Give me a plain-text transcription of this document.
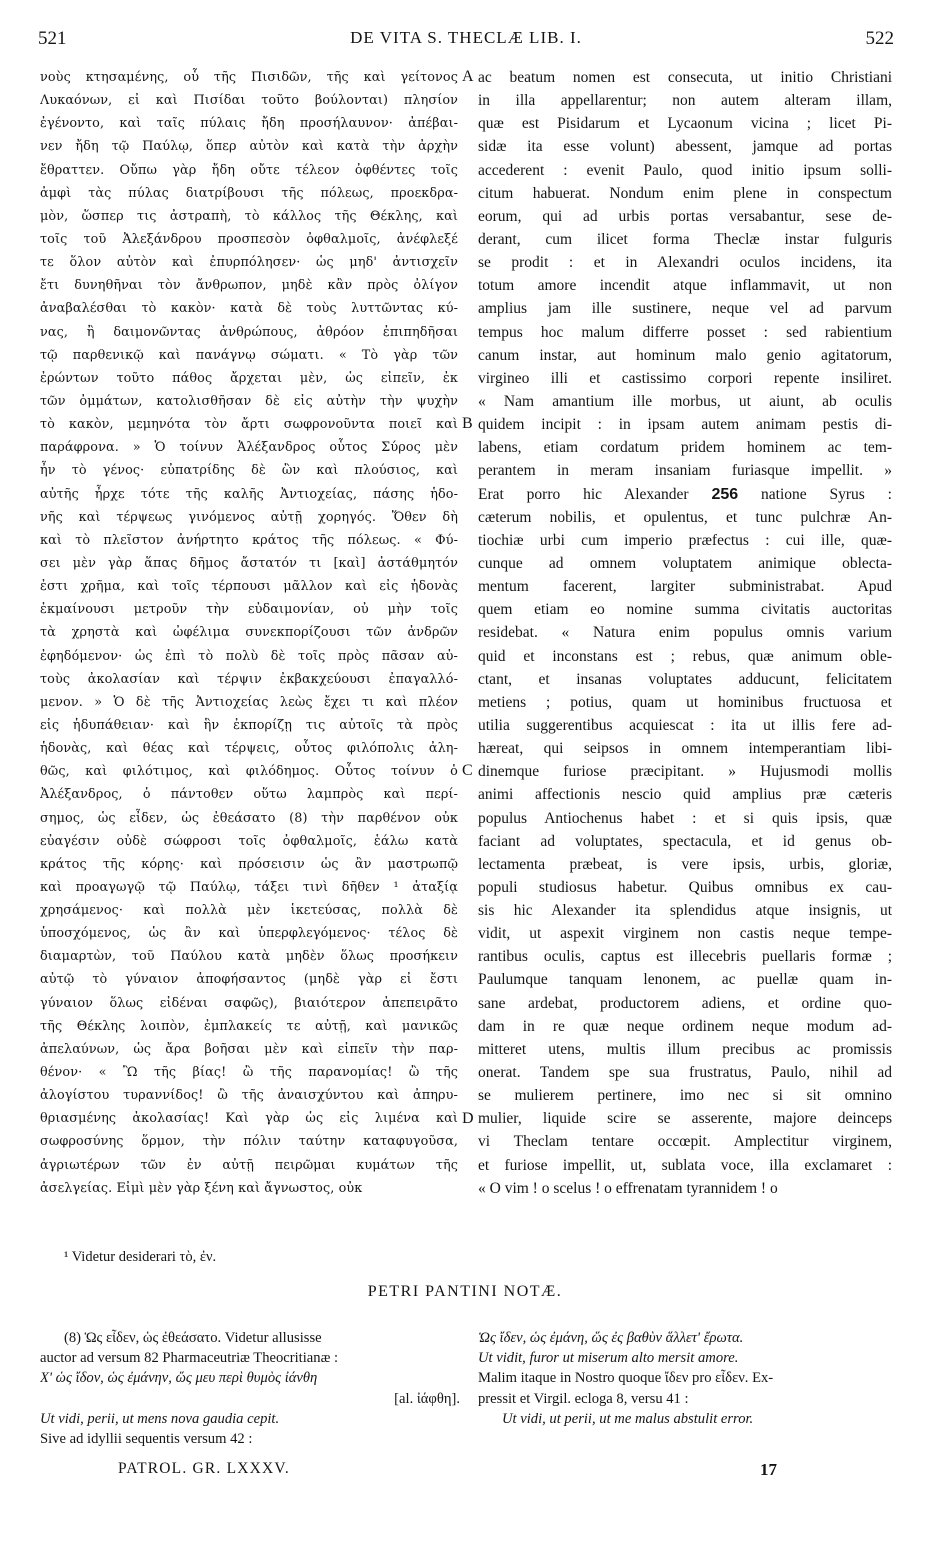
521	DE VITA S. THECLÆ LIB. I.	522
νοὺς κτησαμένης, οὗ τῆς Πισιδῶν, τῆς καὶ γείτονος
Λυκαόνων, εἰ καὶ Πισίδαι τοῦτο βούλονται) πλησίον
ἐγένοντο, καὶ ταῖς πύλαις ἤδη προσήλαυνον· ἀπέβαι-
νεν ἤδη τῷ Παύλῳ, ὅπερ αὐτὸν καὶ κατὰ τὴν ἀρχὴν
ἔθραττεν. Οὔπω γὰρ ἤδη οὔτε τέλεον ὀφθέντες τοῖς
ἀμφὶ τὰς πύλας διατρίβουσι τῆς πόλεως, προεκδρα-
μὸν, ὥσπερ τις ἀστραπὴ, τὸ κάλλος τῆς Θέκλης, καὶ
τοῖς τοῦ Ἀλεξάνδρου προσπεσὸν ὀφθαλμοῖς, ἀνέφλεξέ
τε ὅλον αὐτὸν καὶ ἐπυρπόλησεν· ὡς μηδ' ἀντισχεῖν
ἔτι δυνηθῆναι τὸν ἄνθρωπον, μηδὲ κἂν πρὸς ὀλίγον
ἀναβαλέσθαι τὸ κακὸν· κατὰ δὲ τοὺς λυττῶντας κύ-
νας, ἢ δαιμονῶντας ἀνθρώπους, ἀθρόον ἐπιπηδῆσαι
τῷ παρθενικῷ καὶ πανάγνῳ σώματι. « Τὸ γὰρ τῶν
ἐρώντων τοῦτο πάθος ἄρχεται μὲν, ὡς εἰπεῖν, ἐκ
τῶν ὀμμάτων, κατολισθῆσαν δὲ εἰς αὐτὴν τὴν ψυχὴν
τὸ κακὸν, μεμηνότα τὸν ἄρτι σωφρονοῦντα ποιεῖ καὶ
παράφρονα. » Ὁ τοίνυν Ἀλέξανδρος οὗτος Σύρος μὲν
ἦν τὸ γένος· εὐπατρίδης δὲ ὢν καὶ πλούσιος, καὶ
αὐτῆς ἦρχε τότε τῆς καλῆς Ἀντιοχείας, πάσης ἡδο-
νῆς καὶ τέρψεως γινόμενος αὐτῇ χορηγός. Ὅθεν δὴ
καὶ τὸ πλεῖστον ἀνήρτητο κράτος τῆς πόλεως. « Φύ-
σει μὲν γὰρ ἅπας δῆμος ἄστατόν τι [καὶ] ἀστάθμητόν
ἐστι χρῆμα, καὶ τοῖς τέρπουσι μᾶλλον καὶ εἰς ἡδονὰς
ἐκμαίνουσι μετροῦν τὴν εὐδαιμονίαν, οὐ μὴν τοῖς
τὰ χρηστὰ καὶ ὠφέλιμα συνεκπορίζουσι τῶν ἀνδρῶν
ἐφηδόμενον· ὡς ἐπὶ τὸ πολὺ δὲ τοῖς πρὸς πᾶσαν αὐ-
τοὺς ἀκολασίαν καὶ τέρψιν ἐκβακχεύουσι ἐπαγαλλό-
μενον. » Ὁ δὲ τῆς Ἀντιοχείας λεὼς ἔχει τι καὶ πλέον
εἰς ἡδυπάθειαν· καὶ ἣν ἐκπορίζῃ τις αὐτοῖς τὰ πρὸς
ἡδονὰς, καὶ θέας καὶ τέρψεις, οὗτος φιλόπολις ἀλη-
θῶς, καὶ φιλότιμος, καὶ φιλόδημος. Οὗτος τοίνυν ὁ
Ἀλέξανδρος, ὁ πάντοθεν οὕτω λαμπρὸς καὶ περί-
σημος, ὡς εἶδεν, ὡς ἐθεάσατο (8) τὴν παρθένον οὐκ
εὐαγέσιν οὐδὲ σώφροσι τοῖς ὀφθαλμοῖς, ἑάλω κατὰ
κράτος τῆς κόρης· καὶ πρόσεισιν ὡς ἂν μαστρωπῷ
καὶ προαγωγῷ τῷ Παύλῳ, τάξει τινὶ δῆθεν ¹ ἀταξίᾳ
χρησάμενος· καὶ πολλὰ μὲν ἱκετεύσας, πολλὰ δὲ
ὑποσχόμενος, ὡς ἂν καὶ ὑπερφλεγόμενος· τέλος δὲ
διαμαρτὼν, τοῦ Παύλου κατὰ μηδὲν ὅλως προσήκειν
αὐτῷ τὸ γύναιον ἀποφήσαντος (μηδὲ γὰρ εἰ ἔστι
γύναιον ὅλως εἰδέναι σαφῶς), βιαιότερον ἀπεπειρᾶτο
τῆς Θέκλης λοιπὸν, ἐμπλακείς τε αὐτῇ, καὶ μανικῶς
ἀπελαύνων, ὡς ἄρα βοῆσαι μὲν καὶ εἰπεῖν τὴν παρ-
θένον· « Ὢ τῆς βίας! ὢ τῆς παρανομίας! ὢ τῆς
ἀλογίστου τυραννίδος! ὢ τῆς ἀναισχύντου καὶ ἀπηρυ-
θριασμένης ἀκολασίας! Καὶ γὰρ ὡς εἰς λιμένα καὶ
σωφροσύνης ὅρμον, τὴν πόλιν ταύτην καταφυγοῦσα,
ἀγριωτέρων τῶν ἐν αὐτῇ πειρῶμαι κυμάτων τῆς
ἀσελγείας. Εἰμὶ μὲν γὰρ ξένη καὶ ἄγνωστος, οὐκ
ac beatum nomen est consecuta, ut initio Christiani
in illa appellarentur; non autem alteram illam,
quæ est Pisidarum et Lycaonum vicina ; licet Pi-
sidæ ita esse volunt) abessent, jamque ad portas
accederent : evenit Paulo, quod initio ipsum solli-
citum habuerat. Nondum enim plene in conspectum
eorum, qui ad urbis portas versabantur, sese de-
derant, cum ilicet forma Theclæ instar fulguris
se prodit : et in Alexandri oculos incidens, ita
totum amore incendit atque inflammavit, ut non
amplius jam ille sustinere, neque vel ad parvum
tempus hoc malum differre posset : sed rabientium
canum instar, aut hominum malo genio agitatorum,
virgineo illi et castissimo corpori repente insiliret.
« Nam amantium ille morbus, ut aiunt, ab oculis
quidem incipit : in ipsam autem animam pestis di-
labens, etiam cordatum pridem hominem ac tem-
perantem in meram insaniam furiasque impellit. »
Erat porro hic Alexander 256 natione Syrus :
cæterum nobilis, et opulentus, et tunc pulchræ An-
tiochiæ urbi cum imperio præfectus : cui ille, quæ-
cunque ad omnem voluptatem animique oblecta-
mentum facerent, largiter subministrabat. Apud
quem etiam eo nomine summa civitatis auctoritas
residebat. « Natura enim populus omnis varium
quid et inconstans est ; rebus, quæ animum oble-
ctant, et insanas voluptates adducunt, felicitatem
metiens ; potius, quam ut hominibus fructuosa et
utilia suggerentibus acquiescat : ita ut illis fere ad-
hæreat, qui seipsos in omnem intemperantiam libi-
dinemque furiose præcipitant. » Hujusmodi mollis
animi affectionis nescio quid amplius præ cæteris
populus Antiochenus habet : et si quis ipsis, quæ
faciant ad voluptates, spectacula, et id genus ob-
lectamenta præbeat, is vere ipsis, urbis, gloriæ,
populi studiosus habetur. Quibus omnibus ex cau-
sis hic Alexander ita splendidus atque insignis, ut
vidit, ut aspexit virginem non castis neque tempe-
rantibus oculis, captus est illecebris puellaris formæ ;
Paulumque tanquam lenonem, ac puellæ quam in-
sane ardebat, productorem adiens, et ordine quo-
dam in re quæ neque ordinem neque modum ad-
mitteret utens, multis illum precibus ac promissis
onerat. Tandem spe sua frustratus, Paulo, nihil ad
se mulierem pertinere, imo nec si sit omnino
mulier, liquide scire se asserente, majore deinceps
vi Theclam tentare occœpit. Amplectitur virginem,
et furiose impellit, ut, sublata voce, illa exclamaret :
« O vim ! o scelus ! o effrenatam tyrannidem ! o
A
B
C
D
¹ Videtur desiderari τὸ, ἐν.
PETRI PANTINI NOTÆ.
(8) Ὡς εἶδεν, ὡς ἐθεάσατο. Videtur allusisse
auctor ad versum 82 Pharmaceutriæ Theocritianæ :
Χ' ὡς ἴδον, ὡς ἐμάνην, ὥς μευ περὶ θυμὸς ἰάνθη
[al. ἰάφθη].
Ut vidi, perii, ut mens nova gaudia cepit.
Sive ad idyllii sequentis versum 42 :
Ὡς ἴδεν, ὡς ἐμάνη, ὥς ἐς βαθὺν ἅλλετ' ἔρωτα.
Ut vidit, furor ut miserum alto mersit amore.
Malim itaque in Nostro quoque ἴδεν pro εἶδεν. Ex-
pressit et Virgil. ecloga 8, versu 41 :
Ut vidi, ut perii, ut me malus abstulit error.
PATROL. GR. LXXXV.	17
